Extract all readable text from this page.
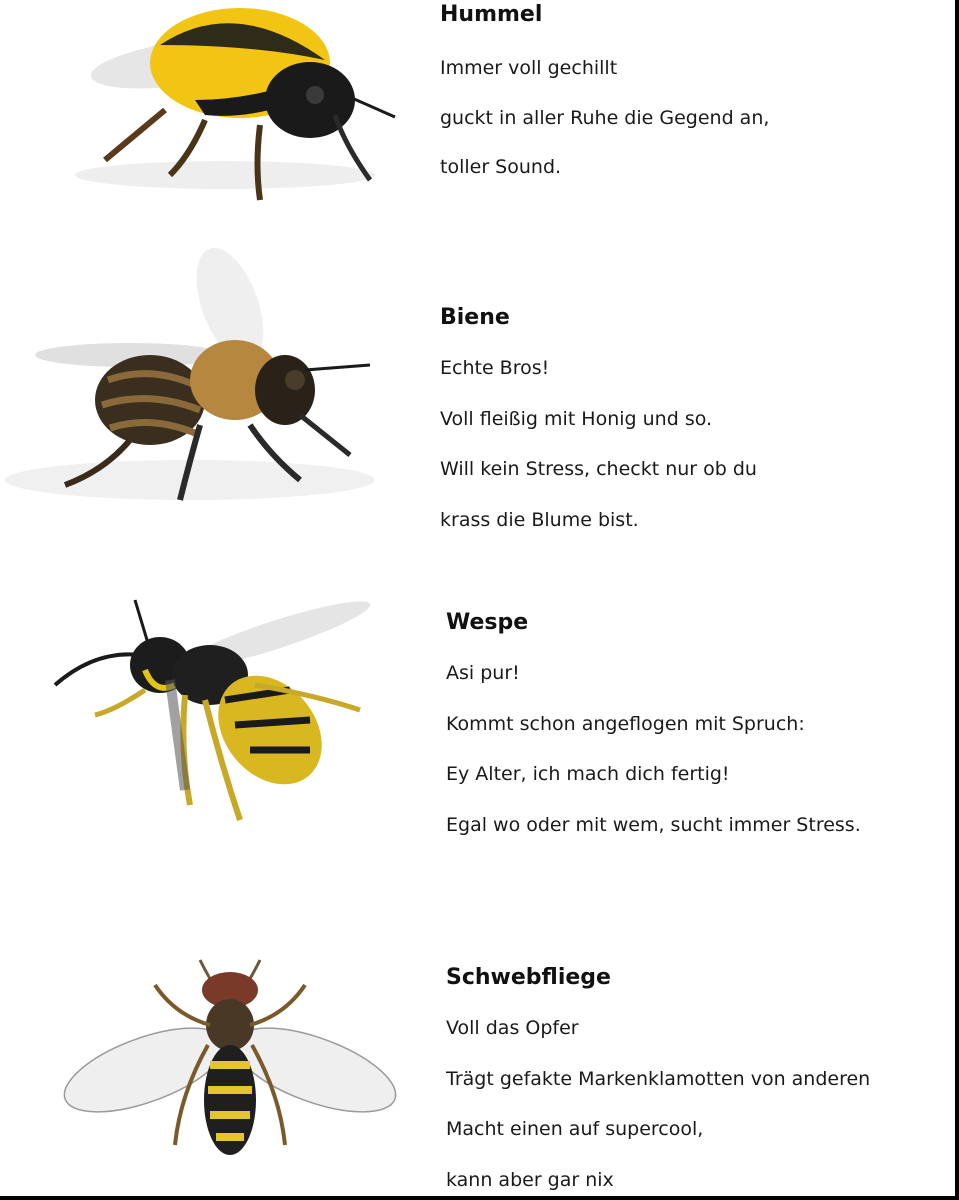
Hummel
Immer voll gechillt
guckt in aller Ruhe die Gegend an,
toller Sound.
Biene
Echte Bros!
Voll fleißig mit Honig und so.
Will kein Stress, checkt nur ob du
krass die Blume bist.
Wespe
Asi pur!
Kommt schon angeflogen mit Spruch:
Ey Alter, ich mach dich fertig!
Egal wo oder mit wem, sucht immer Stress.
Schwebfliege
Voll das Opfer
Trägt gefakte Markenklamotten von anderen
Macht einen auf supercool,
kann aber gar nix
